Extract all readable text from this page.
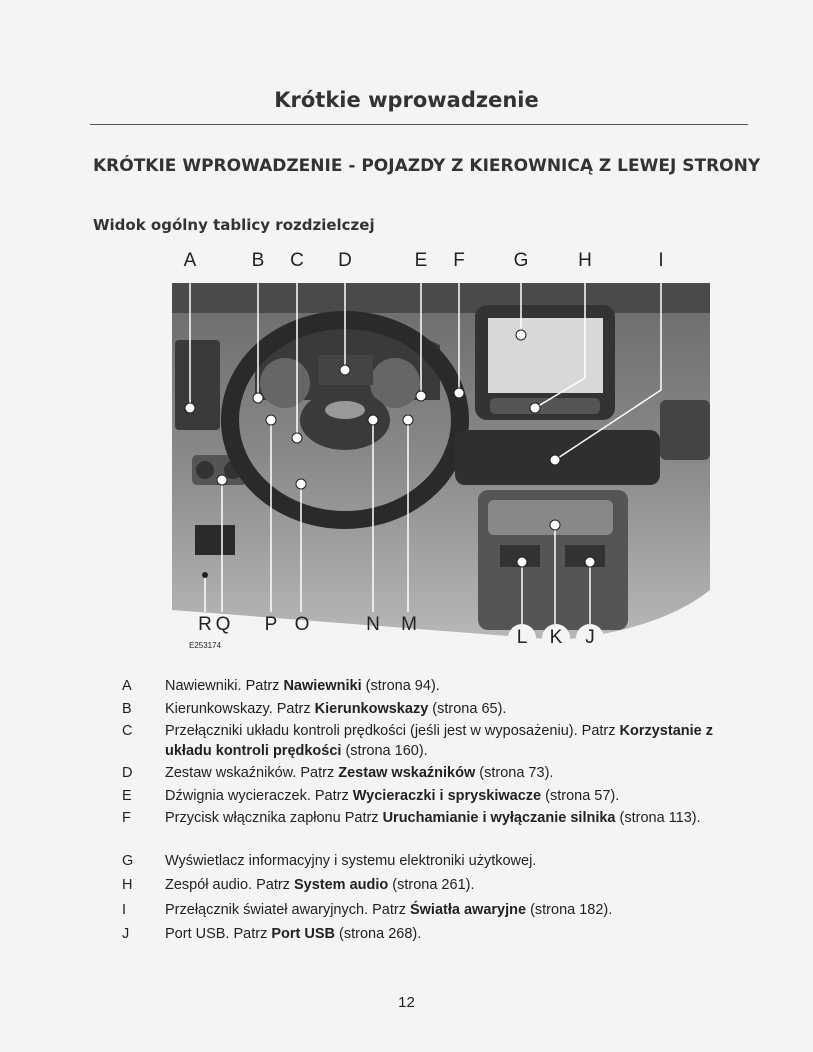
Krótkie wprowadzenie
KRÓTKIE WPROWADZENIE - POJAZDY Z KIEROWNICĄ Z LEWEJ STRONY
Widok ogólny tablicy rozdzielczej
A	B C D	E F	G	H	I
R Q P O	N M
L	K	J
E253174
A Nawiewniki. Patrz Nawiewniki (strona 94).
B Kierunkowskazy. Patrz Kierunkowskazy (strona 65).
C Przełączniki układu kontroli prędkości (jeśli jest w wyposażeniu). Patrz Korzystanie z układu kontroli prędkości (strona 160).
D Zestaw wskaźników. Patrz Zestaw wskaźników (strona 73).
E Dźwignia wycieraczek. Patrz Wycieraczki i spryskiwacze (strona 57).
F Przycisk włącznika zapłonu Patrz Uruchamianie i wyłączanie silnika (strona 113).
G Wyświetlacz informacyjny i systemu elektroniki użytkowej.
H Zespół audio. Patrz System audio (strona 261).
I	Przełącznik świateł awaryjnych. Patrz Światła awaryjne (strona 182).
J Port USB. Patrz Port USB (strona 268).
12
